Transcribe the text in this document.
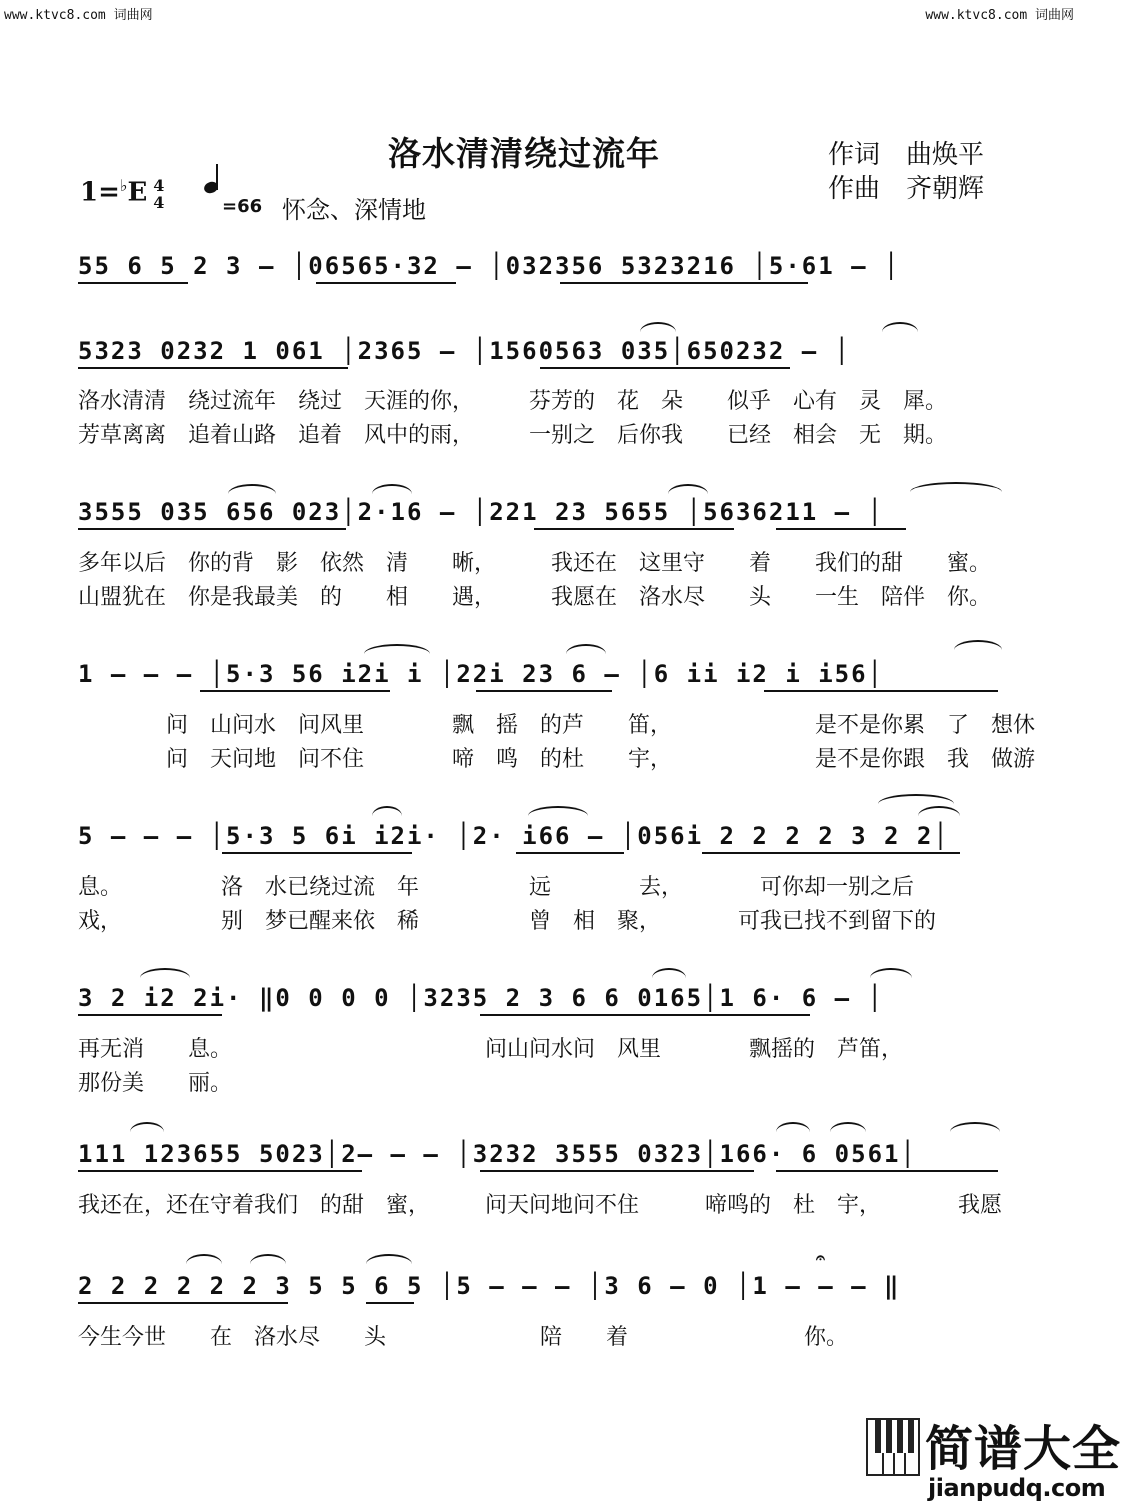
www.ktvc8.com 词曲网	www.ktvc8.com 词曲网
洛水清清绕过流年	作词　曲焕平
作曲　齐朝辉
1=♭E 4
4	=66 怀念、深情地
55 6 5 2 3 – │06565·32 – │032356 5323216 │5·61 – │
5323 0232 1 061 │2365 – │1560563 035│650232 – │
洛水清清　绕过流年　绕过　天涯的你，　　　芬芳的　花　朵　　似乎　心有　灵　犀。
芳草离离　追着山路　追着　风中的雨，　　　一别之　后你我　　已经　相会　无　期。
3555 035 656 023│2·16 – │221 23 5655 │5636211 – │
多年以后　你的背　影　依然　清　　晰，　　　我还在　这里守　　着　　我们的甜　　蜜。
山盟犹在　你是我最美　的　　相　　遇，　　　我愿在　洛水尽　　头　　一生　陪伴　你。
1 – – – │5·3 56 i2i i │22i 23 6 – │6 ii i2 i i56│
　　　　问　山问水　问风里　　　　飘　摇　的芦　　笛，　　　　　　　是不是你累　了　想休
　　　　问　天问地　问不住　　　　啼　鸣　的杜　　宇，　　　　　　　是不是你跟　我　做游
5 – – – │5·3 5 6i i2i· │2· i66 – │056i 2 2 2 2 3 2 2│
息。　　　　　洛　水已绕过流　年　　　　　远　　　　去，　　　　可你却一别之后
戏，　　　　　别　梦已醒来依　稀　　　　　曾　相　聚，　　　　可我已找不到留下的
3 2 i2 2i· ‖0 0 0 0 │3235 2 3 6 6 0165│1 6· 6 – │
再无消　　息。　　　　　　　　　　　　问山问水问　风里　　　　飘摇的　芦笛，
那份美　　丽。
111 123655 5023│2– – – │3232 3555 0323│166· 6 0561│
我还在，还在守着我们　的甜　蜜，　　　问天问地问不住　　　啼鸣的　杜　宇，　　　　我愿
2 2 2 2 2 2 3 5 5 6 5 │5 – – – │3 6 – 0 │1 – – – ‖
𝄐
今生今世　　在　洛水尽　　头　　　　　　　陪　　着　　　　　　　　你。
简谱大全
jianpudq.com
